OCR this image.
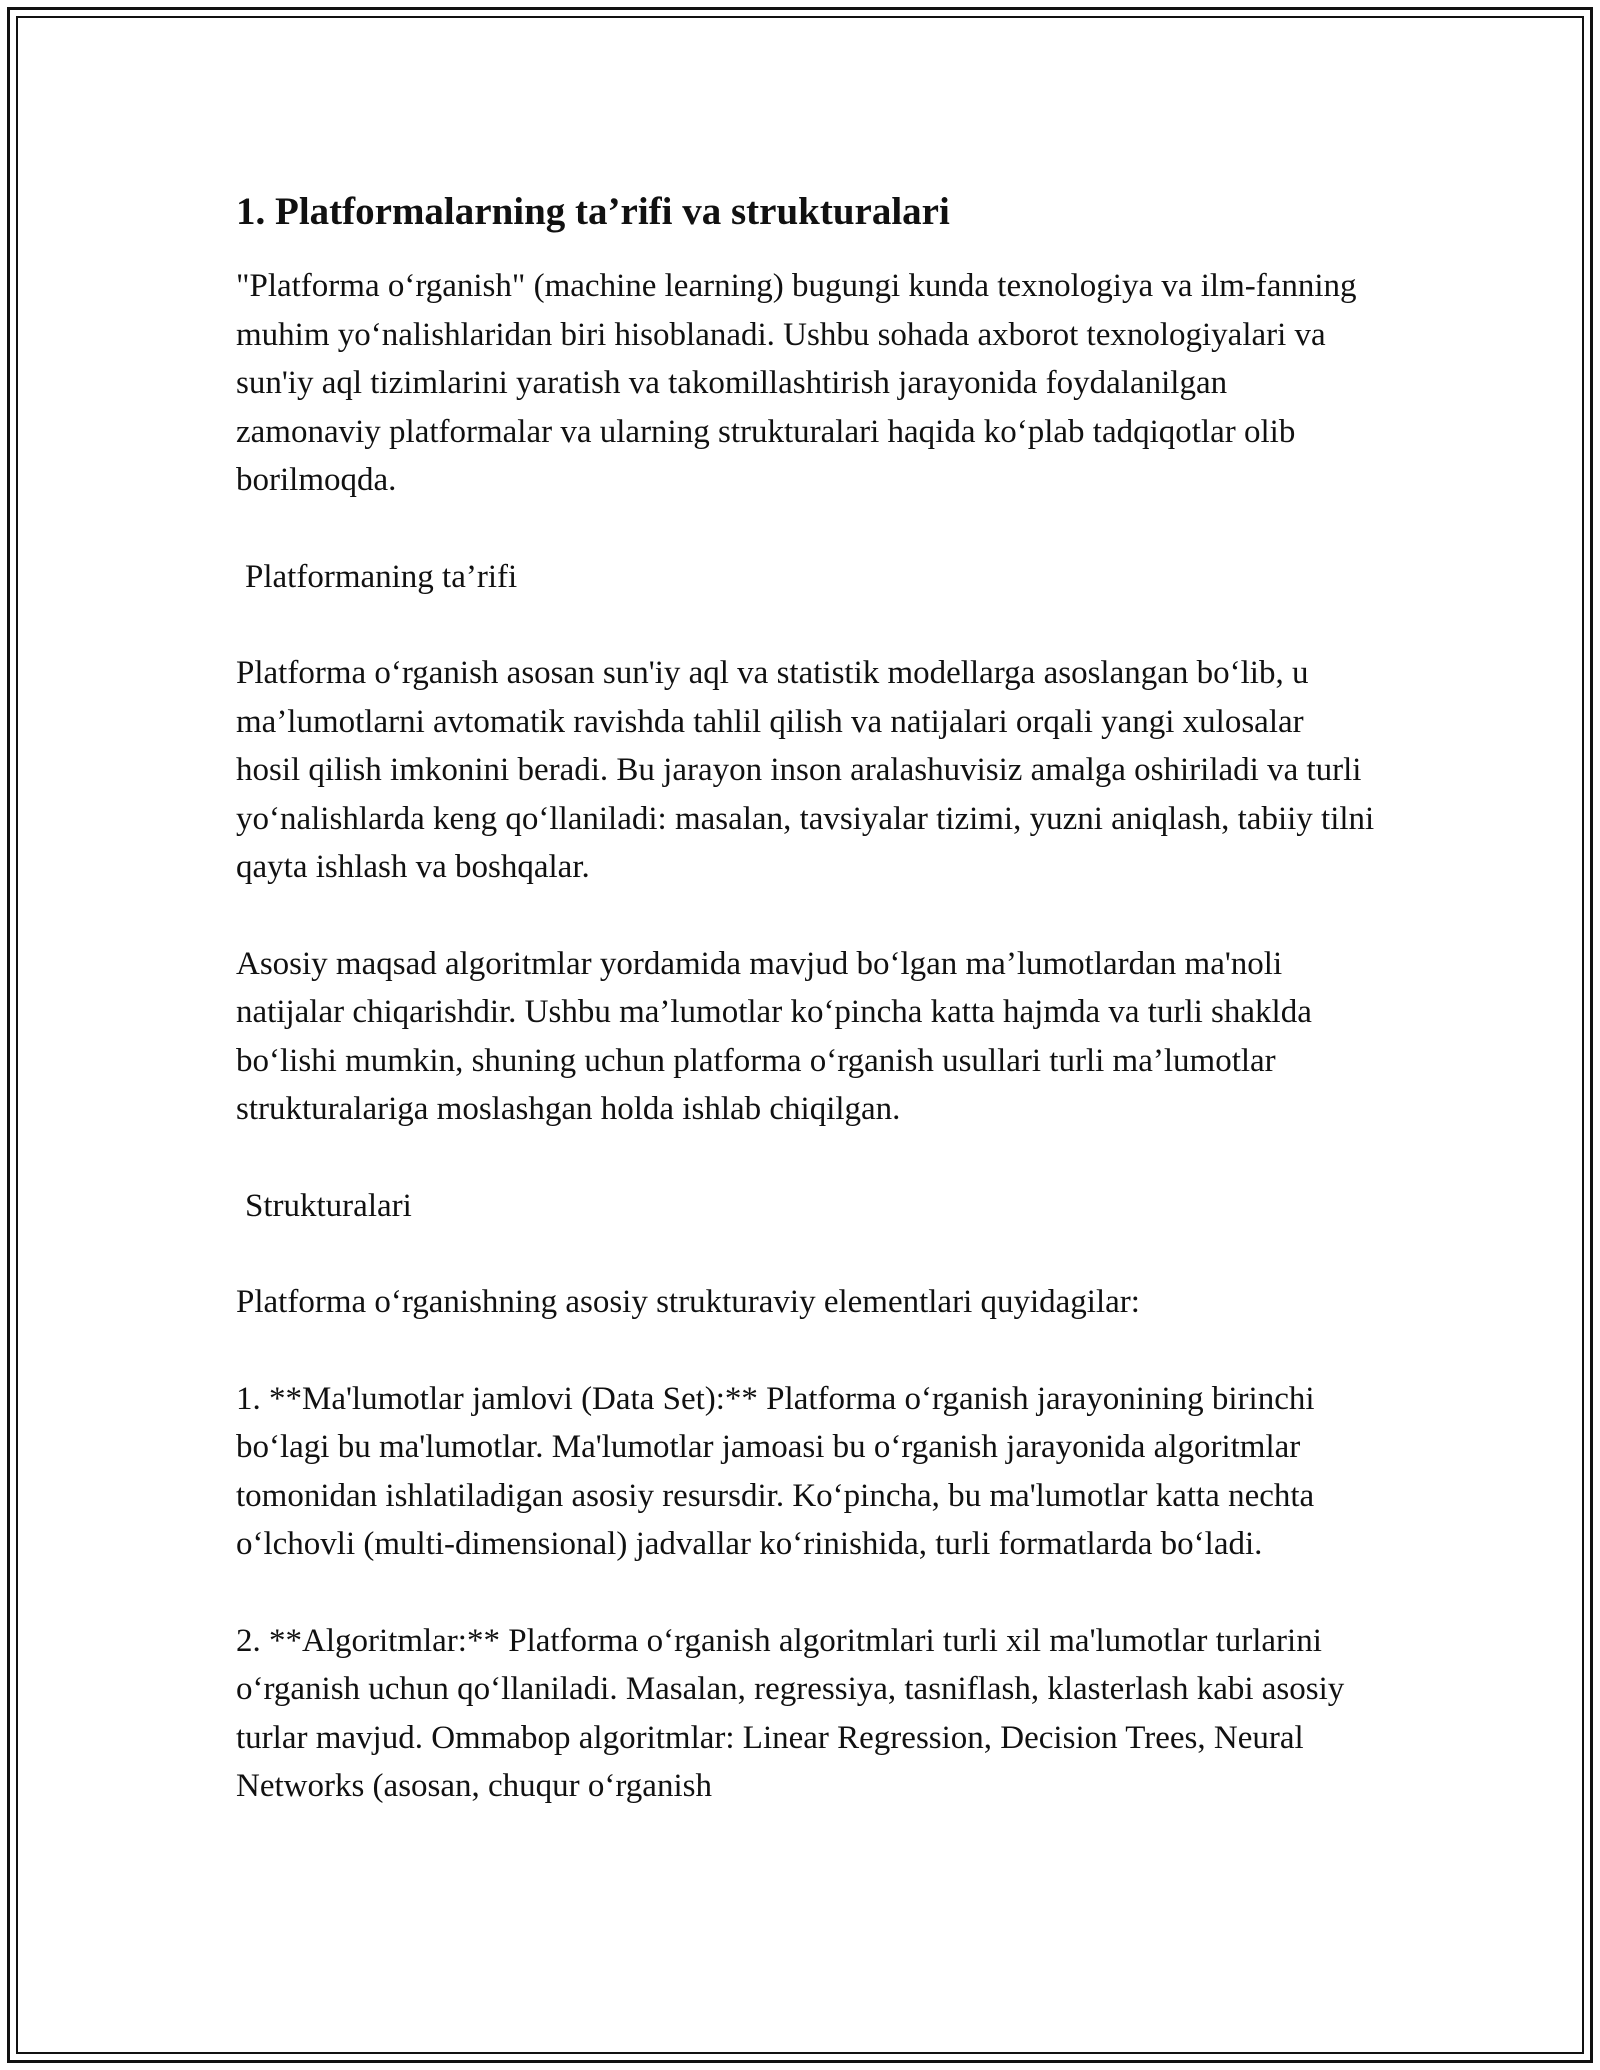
1. Platformalarning ta’rifi va strukturalari

"Platforma o‘rganish" (machine learning) bugungi kunda texnologiya va ilm-fanning muhim yo‘nalishlaridan biri hisoblanadi. Ushbu sohada axborot texnologiyalari va sun'iy aql tizimlarini yaratish va takomillashtirish jarayonida foydalanilgan zamonaviy platformalar va ularning strukturalari haqida ko‘plab tadqiqotlar olib borilmoqda.

Platformaning ta’rifi

Platforma o‘rganish asosan sun'iy aql va statistik modellarga asoslangan bo‘lib, u ma’lumotlarni avtomatik ravishda tahlil qilish va natijalari orqali yangi xulosalar hosil qilish imkonini beradi. Bu jarayon inson aralashuvisiz amalga oshiriladi va turli yo‘nalishlarda keng qo‘llaniladi: masalan, tavsiyalar tizimi, yuzni aniqlash, tabiiy tilni qayta ishlash va boshqalar.

Asosiy maqsad algoritmlar yordamida mavjud bo‘lgan ma’lumotlardan ma'noli natijalar chiqarishdir. Ushbu ma’lumotlar ko‘pincha katta hajmda va turli shaklda bo‘lishi mumkin, shuning uchun platforma o‘rganish usullari turli ma’lumotlar strukturalariga moslashgan holda ishlab chiqilgan.

Strukturalari

Platforma o‘rganishning asosiy strukturaviy elementlari quyidagilar:

1. **Ma'lumotlar jamlovi (Data Set):** Platforma o‘rganish jarayonining birinchi bo‘lagi bu ma'lumotlar. Ma'lumotlar jamoasi bu o‘rganish jarayonida algoritmlar tomonidan ishlatiladigan asosiy resursdir. Ko‘pincha, bu ma'lumotlar katta nechta o‘lchovli (multi-dimensional) jadvallar ko‘rinishida, turli formatlarda bo‘ladi.

2. **Algoritmlar:** Platforma o‘rganish algoritmlari turli xil ma'lumotlar turlarini o‘rganish uchun qo‘llaniladi. Masalan, regressiya, tasniflash, klasterlash kabi asosiy turlar mavjud. Ommabop algoritmlar: Linear Regression, Decision Trees, Neural Networks (asosan, chuqur o‘rganish
